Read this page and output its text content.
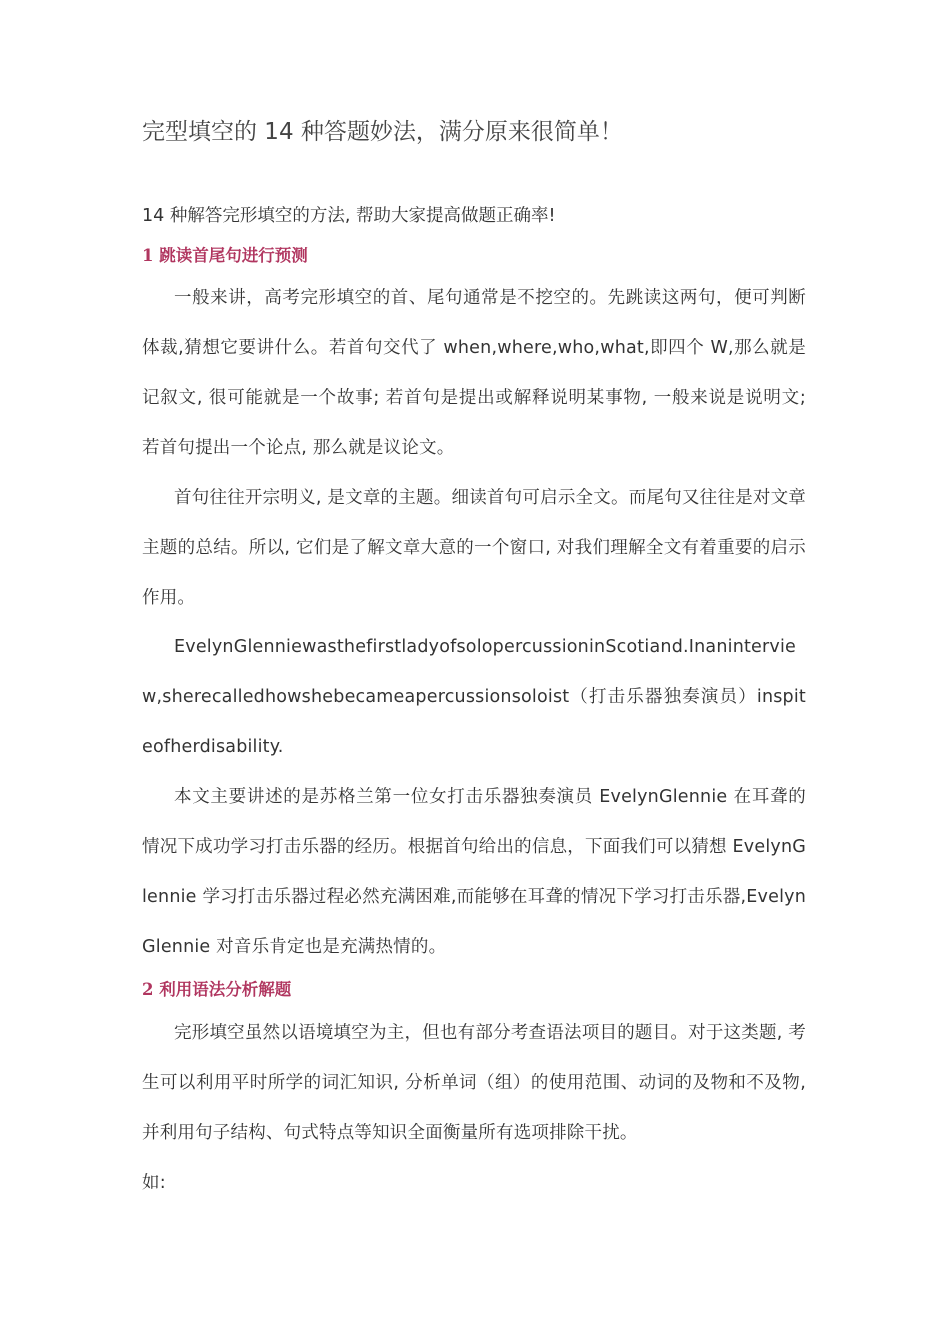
完型填空的 14 种答题妙法，满分原来很简单！

14 种解答完形填空的方法, 帮助大家提高做题正确率!

1 跳读首尾句进行预测

一般来讲，高考完形填空的首、尾句通常是不挖空的。先跳读这两句，便可判断体裁,猜想它要讲什么。若首句交代了 when,where,who,what,即四个 W,那么就是记叙文, 很可能就是一个故事; 若首句是提出或解释说明某事物, 一般来说是说明文; 若首句提出一个论点, 那么就是议论文。

首句往往开宗明义, 是文章的主题。细读首句可启示全文。而尾句又往往是对文章主题的总结。所以, 它们是了解文章大意的一个窗口, 对我们理解全文有着重要的启示作用。

EvelynGlenniewasthefirstladyofsolopercussioninScotiand.Inaninterview,sherecalledhowshebecameapercussionsoloist（打击乐器独奏演员）inspiteofherdisability.

本文主要讲述的是苏格兰第一位女打击乐器独奏演员 EvelynGlennie 在耳聋的情况下成功学习打击乐器的经历。根据首句给出的信息，下面我们可以猜想 EvelynGlennie 学习打击乐器过程必然充满困难,而能够在耳聋的情况下学习打击乐器,EvelynGlennie 对音乐肯定也是充满热情的。

2 利用语法分析解题

完形填空虽然以语境填空为主，但也有部分考查语法项目的题目。对于这类题, 考生可以利用平时所学的词汇知识, 分析单词（组）的使用范围、动词的及物和不及物, 并利用句子结构、句式特点等知识全面衡量所有选项排除干扰。

如:
